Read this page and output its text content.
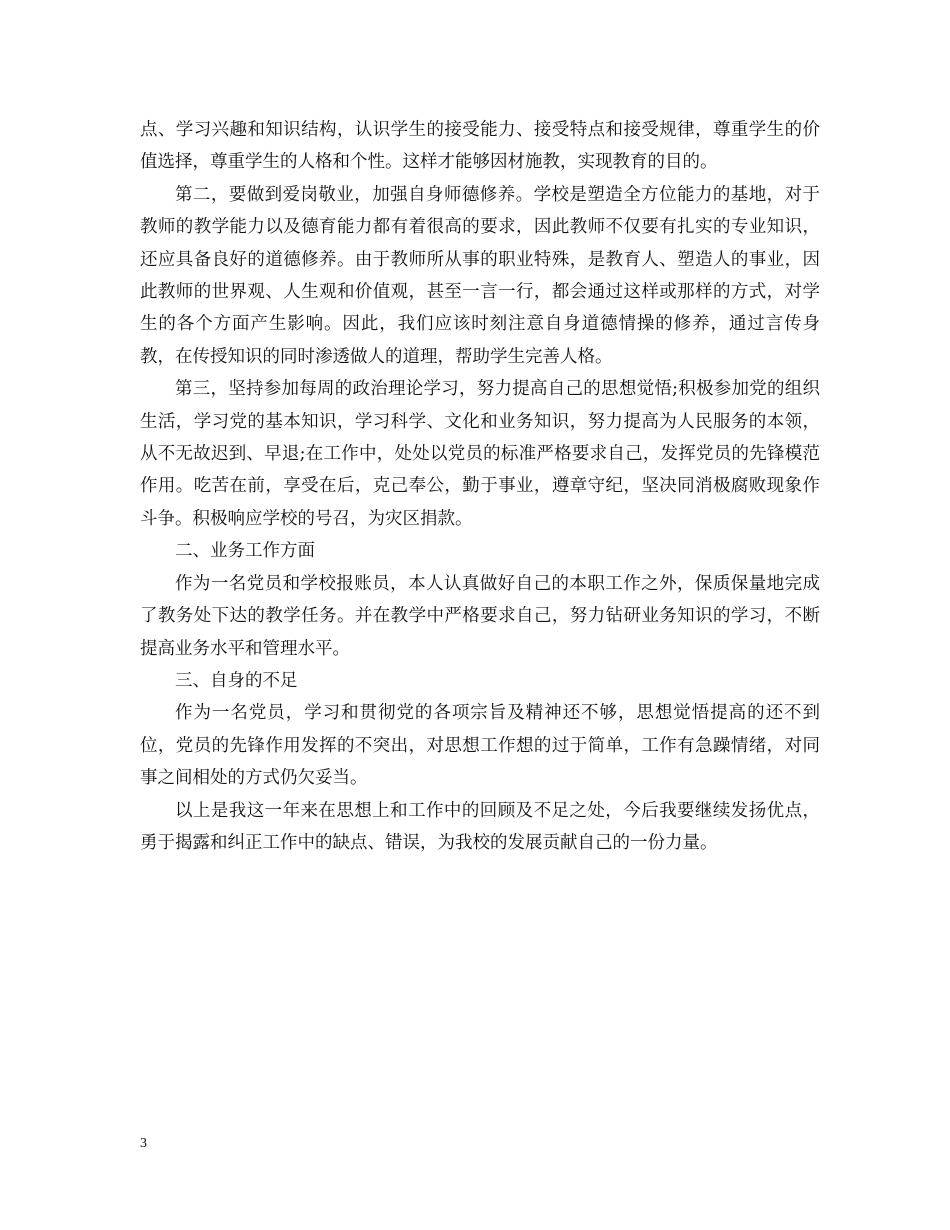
点、学习兴趣和知识结构，认识学生的接受能力、接受特点和接受规律，尊重学生的价值选择，尊重学生的人格和个性。这样才能够因材施教，实现教育的目的。

第二，要做到爱岗敬业，加强自身师德修养。学校是塑造全方位能力的基地，对于教师的教学能力以及德育能力都有着很高的要求，因此教师不仅要有扎实的专业知识，还应具备良好的道德修养。由于教师所从事的职业特殊，是教育人、塑造人的事业，因此教师的世界观、人生观和价值观，甚至一言一行，都会通过这样或那样的方式，对学生的各个方面产生影响。因此，我们应该时刻注意自身道德情操的修养，通过言传身教，在传授知识的同时渗透做人的道理，帮助学生完善人格。

第三，坚持参加每周的政治理论学习，努力提高自己的思想觉悟;积极参加党的组织生活，学习党的基本知识，学习科学、文化和业务知识，努力提高为人民服务的本领，从不无故迟到、早退;在工作中，处处以党员的标准严格要求自己，发挥党员的先锋模范作用。吃苦在前，享受在后，克己奉公，勤于事业，遵章守纪，坚决同消极腐败现象作斗争。积极响应学校的号召，为灾区捐款。

二、业务工作方面

作为一名党员和学校报账员，本人认真做好自己的本职工作之外，保质保量地完成了教务处下达的教学任务。并在教学中严格要求自己，努力钻研业务知识的学习，不断提高业务水平和管理水平。

三、自身的不足

作为一名党员，学习和贯彻党的各项宗旨及精神还不够，思想觉悟提高的还不到位，党员的先锋作用发挥的不突出，对思想工作想的过于简单，工作有急躁情绪，对同事之间相处的方式仍欠妥当。

以上是我这一年来在思想上和工作中的回顾及不足之处，今后我要继续发扬优点，勇于揭露和纠正工作中的缺点、错误，为我校的发展贡献自己的一份力量。

3
